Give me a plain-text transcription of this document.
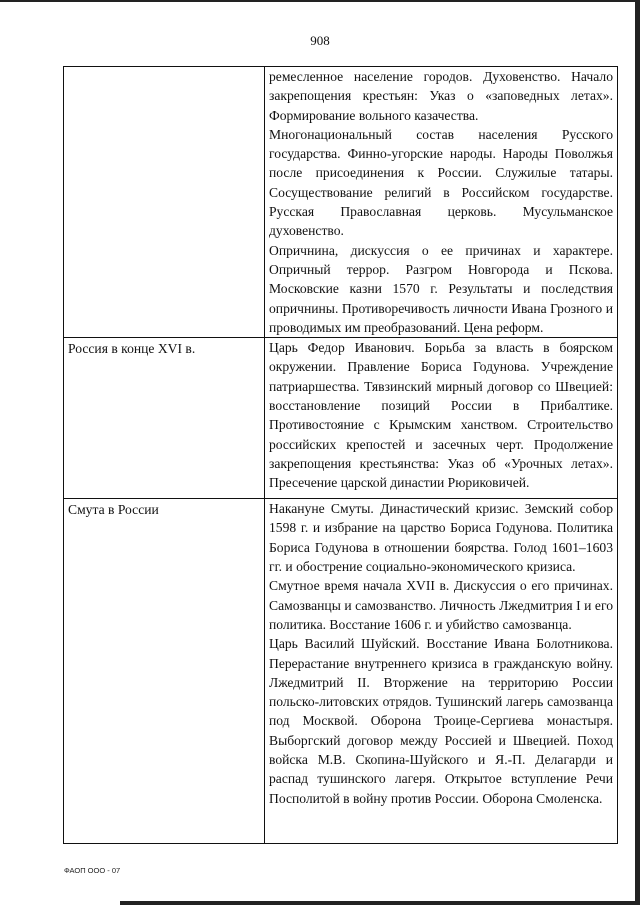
908

	ремесленное население городов. Духовенство. Начало закрепощения крестьян: Указ о «заповедных летах». Формирование вольного казачества.

Многонациональный состав населения Русского государства. Финно-угорские народы. Народы Поволжья после присоединения к России. Служилые татары. Сосуществование религий в Российском государстве. Русская Православная церковь. Мусульманское духовенство.

Опричнина, дискуссия о ее причинах и характере. Опричный террор. Разгром Новгорода и Пскова. Московские казни 1570 г. Результаты и последствия опричнины. Противоречивость личности Ивана Грозного и проводимых им преобразований. Цена реформ.

Россия в конце XVI в.	Царь Федор Иванович. Борьба за власть в боярском окружении. Правление Бориса Годунова. Учреждение патриаршества. Тявзинский мирный договор со Швецией: восстановление позиций России в Прибалтике. Противостояние с Крымским ханством. Строительство российских крепостей и засечных черт. Продолжение закрепощения крестьянства: Указ об «Урочных летах». Пресечение царской династии Рюриковичей.

Смута в России	Накануне Смуты. Династический кризис. Земский собор 1598 г. и избрание на царство Бориса Годунова. Политика Бориса Годунова в отношении боярства. Голод 1601–1603 гг. и обострение социально-экономического кризиса.

Смутное время начала XVII в. Дискуссия о его причинах. Самозванцы и самозванство. Личность Лжедмитрия I и его политика. Восстание 1606 г. и убийство самозванца.

Царь Василий Шуйский. Восстание Ивана Болотникова. Перерастание внутреннего кризиса в гражданскую войну. Лжедмитрий II. Вторжение на территорию России польско-литовских отрядов. Тушинский лагерь самозванца под Москвой. Оборона Троице-Сергиева монастыря. Выборгский договор между Россией и Швецией. Поход войска М.В. Скопина-Шуйского и Я.-П. Делагарди и распад тушинского лагеря. Открытое вступление Речи Посполитой в войну против России. Оборона Смоленска.

ФАОП ООО - 07
